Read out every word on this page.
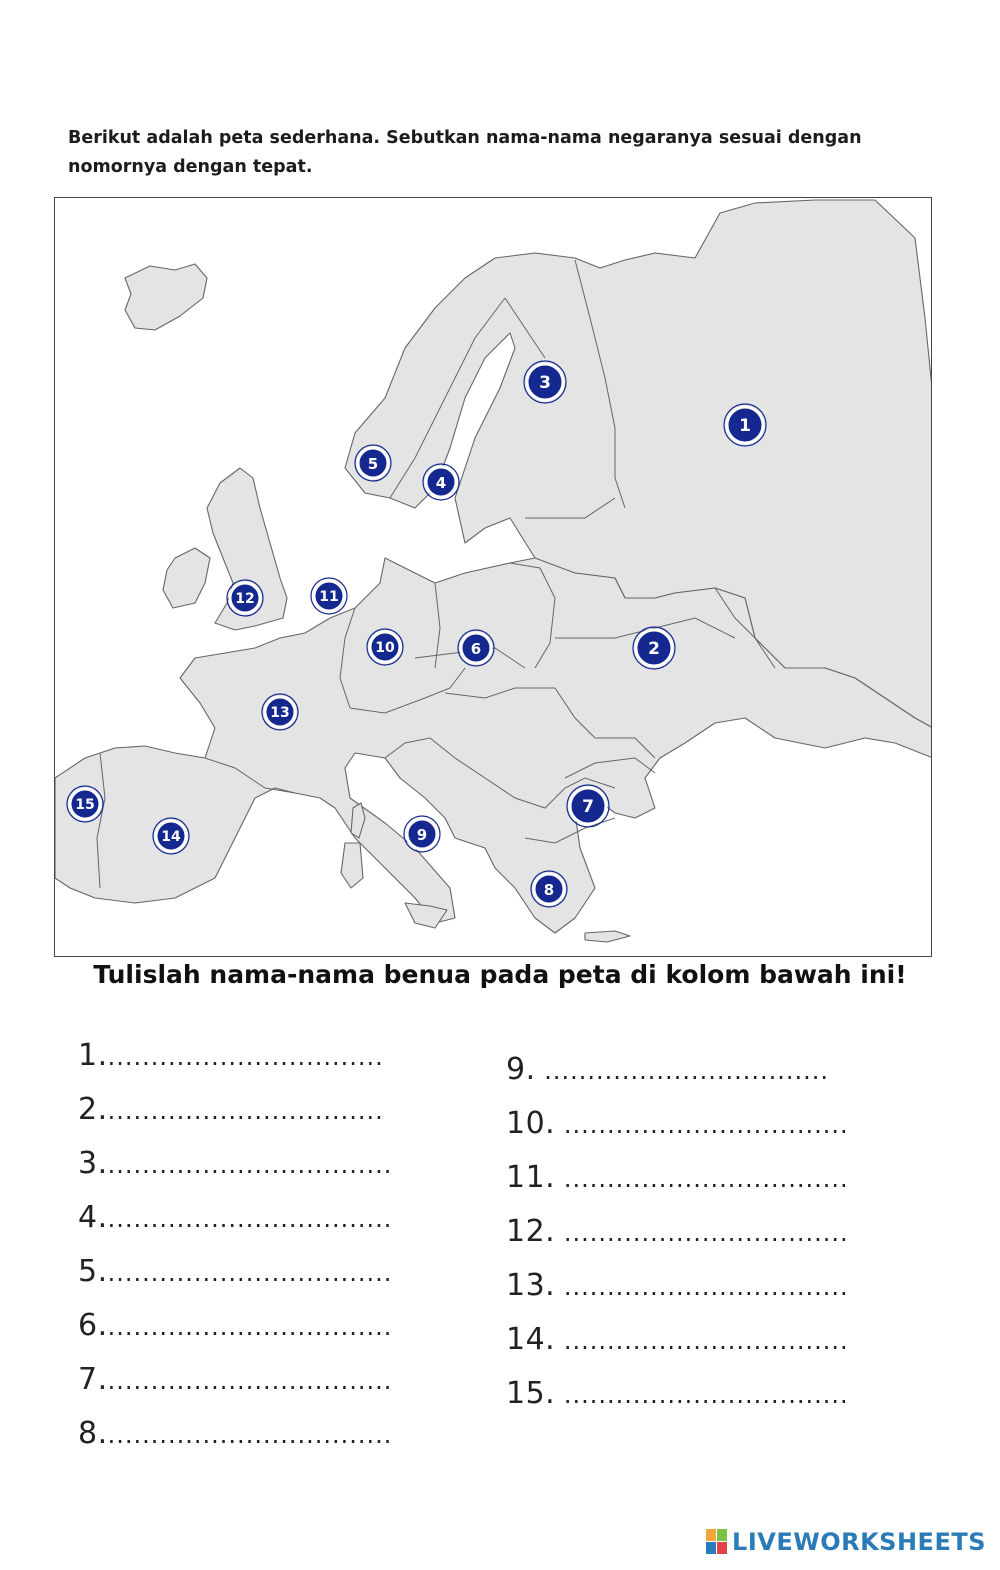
Berikut adalah peta sederhana. Sebutkan nama-nama negaranya sesuai dengan nomornya dengan tepat.
1
2
3
4
5
6
7
8
9
10
11
12
13
14
15
Tulislah nama-nama benua pada peta di kolom bawah ini!
1.................................
2.................................
3..................................
4..................................
5..................................
6..................................
7..................................
8..................................
9. .................................
10. .................................
11. .................................
12. .................................
13. .................................
14. .................................
15. .................................
LIVEWORKSHEETS
